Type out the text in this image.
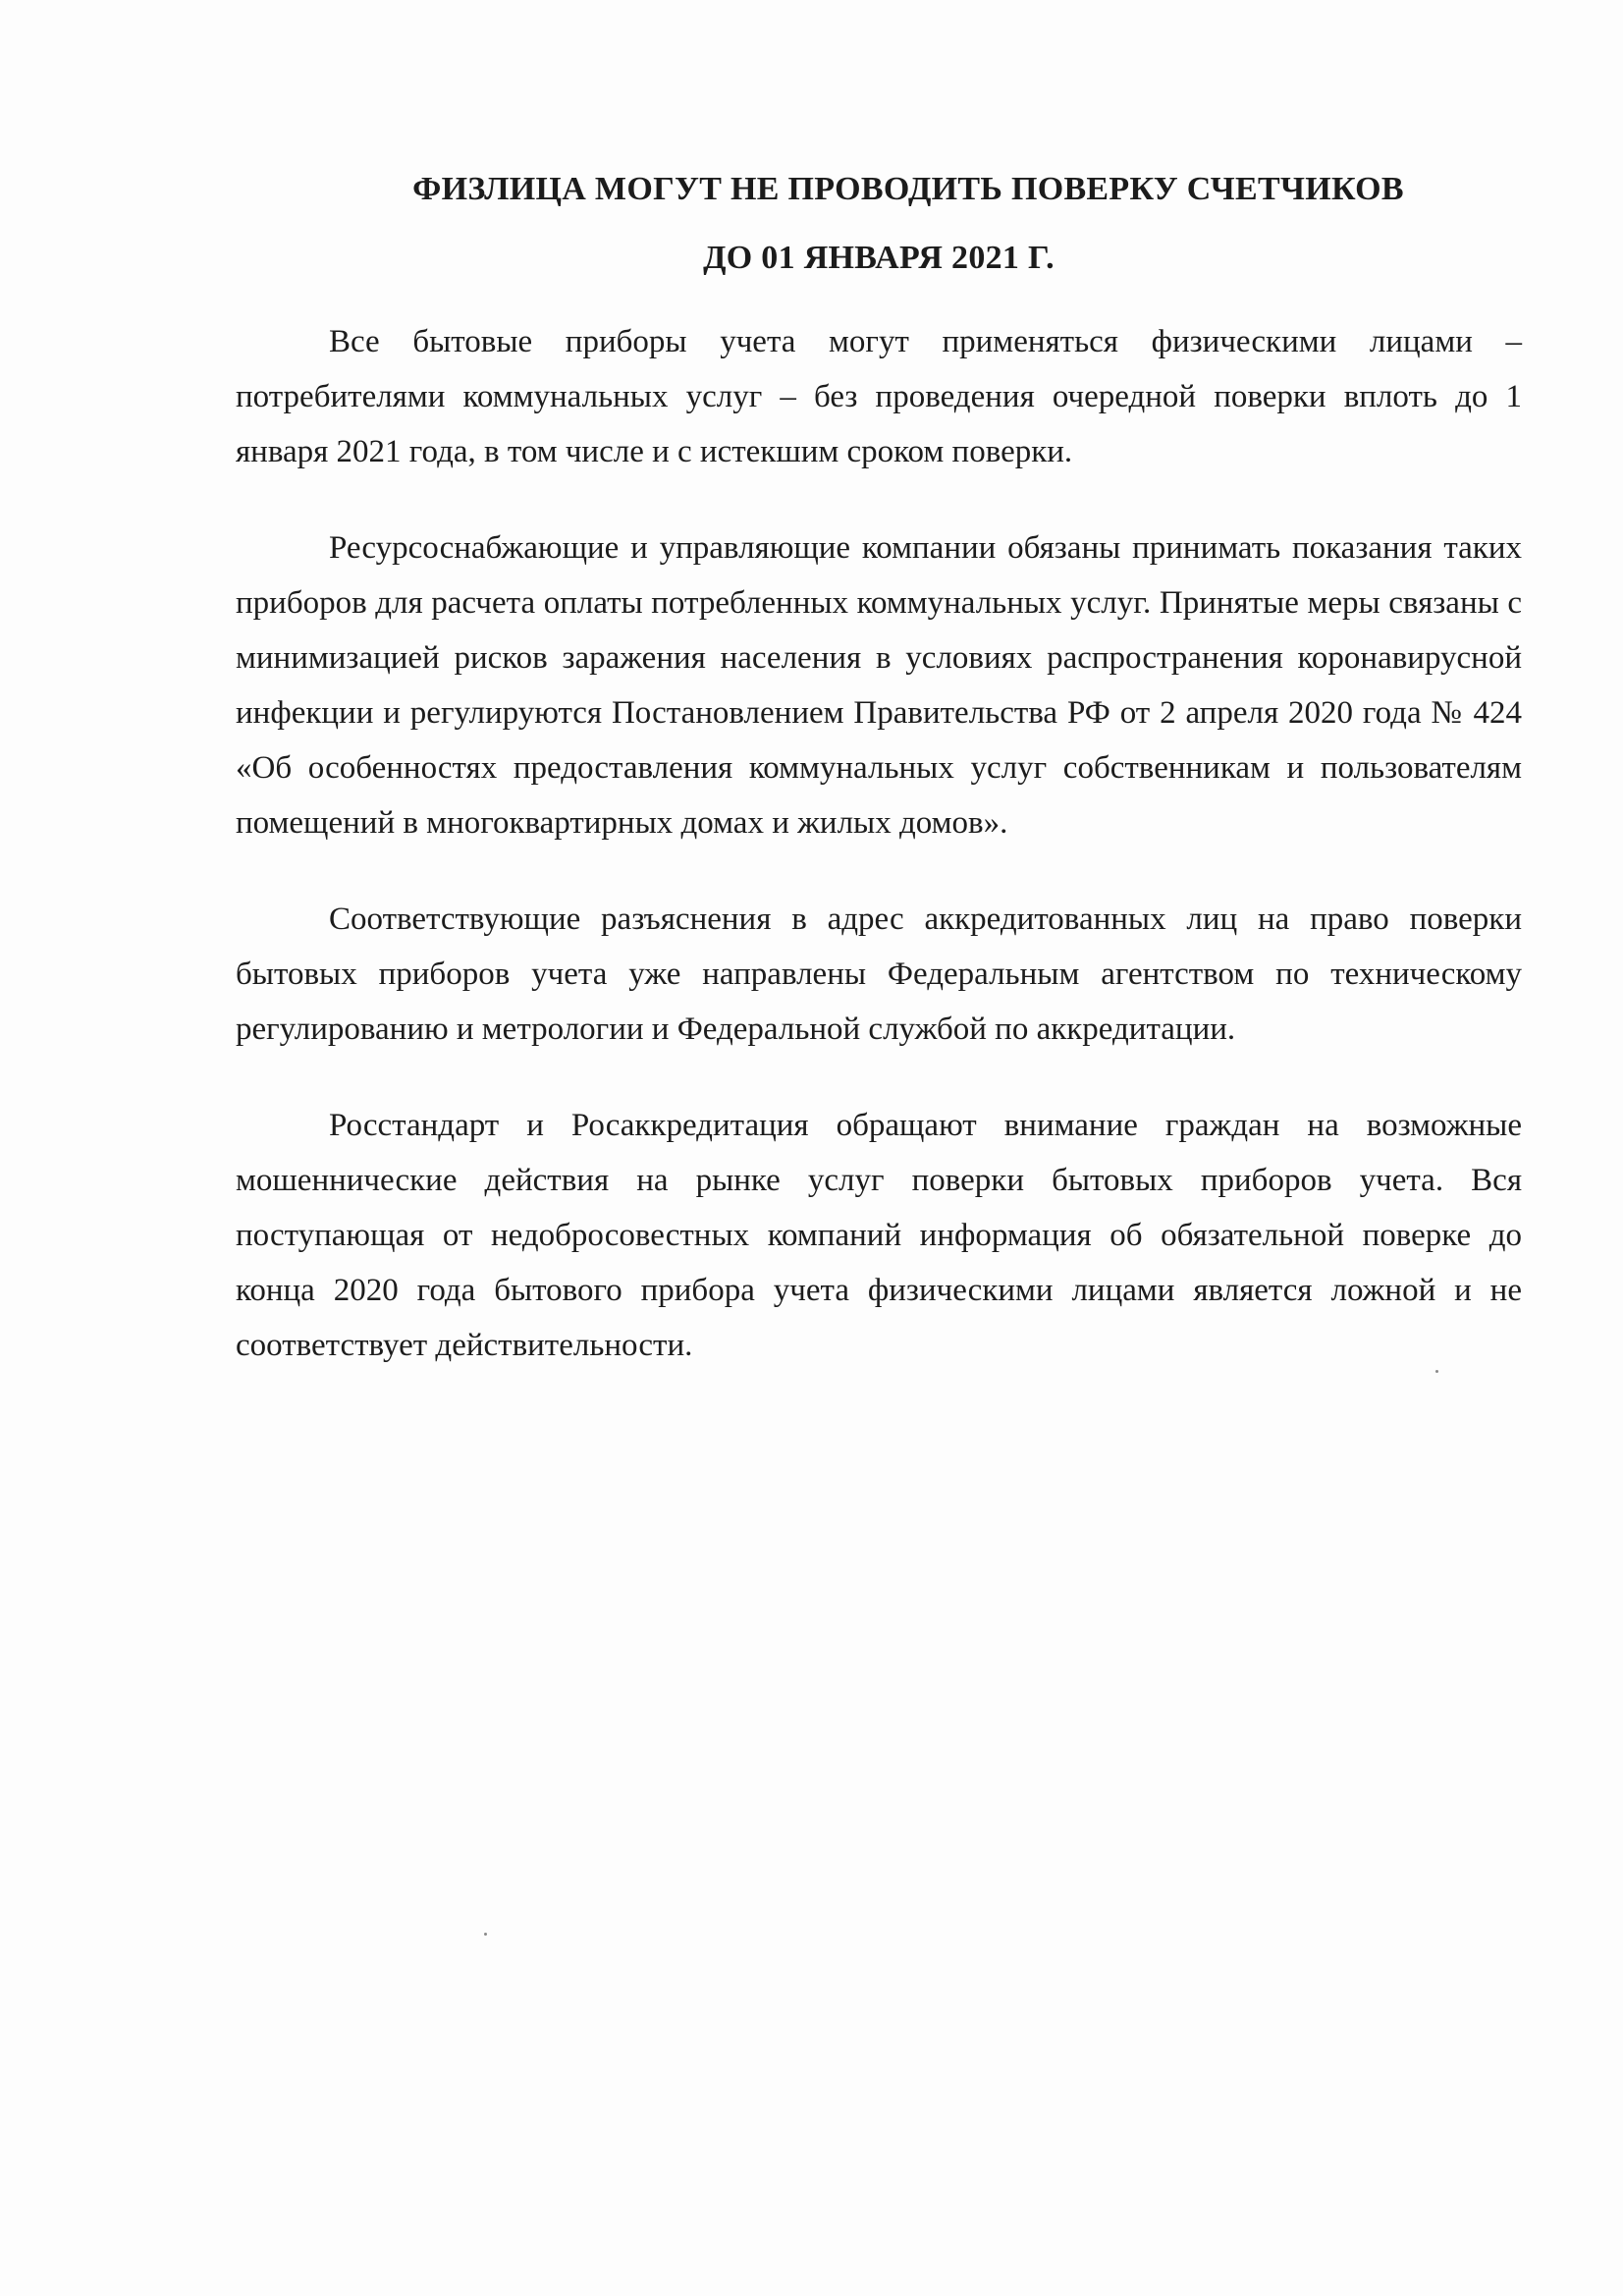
ФИЗЛИЦА МОГУТ НЕ ПРОВОДИТЬ ПОВЕРКУ СЧЕТЧИКОВ
ДО 01 ЯНВАРЯ 2021 Г.

Все бытовые приборы учета могут применяться физическими лицами – потребителями коммунальных услуг – без проведения очередной поверки вплоть до 1 января 2021 года, в том числе и с истекшим сроком поверки.

Ресурсоснабжающие и управляющие компании обязаны принимать показания таких приборов для расчета оплаты потребленных коммунальных услуг. Принятые меры связаны с минимизацией рисков заражения населения в условиях распространения коронавирусной инфекции и регулируются Постановлением Правительства РФ от 2 апреля 2020 года № 424 «Об особенностях предоставления коммунальных услуг собственникам и пользователям помещений в многоквартирных домах и жилых домов».

Соответствующие разъяснения в адрес аккредитованных лиц на право поверки бытовых приборов учета уже направлены Федеральным агентством по техническому регулированию и метрологии и Федеральной службой по аккредитации.

Росстандарт и Росаккредитация обращают внимание граждан на возможные мошеннические действия на рынке услуг поверки бытовых приборов учета. Вся поступающая от недобросовестных компаний информация об обязательной поверке до конца 2020 года бытового прибора учета физическими лицами является ложной и не соответствует действительности.
